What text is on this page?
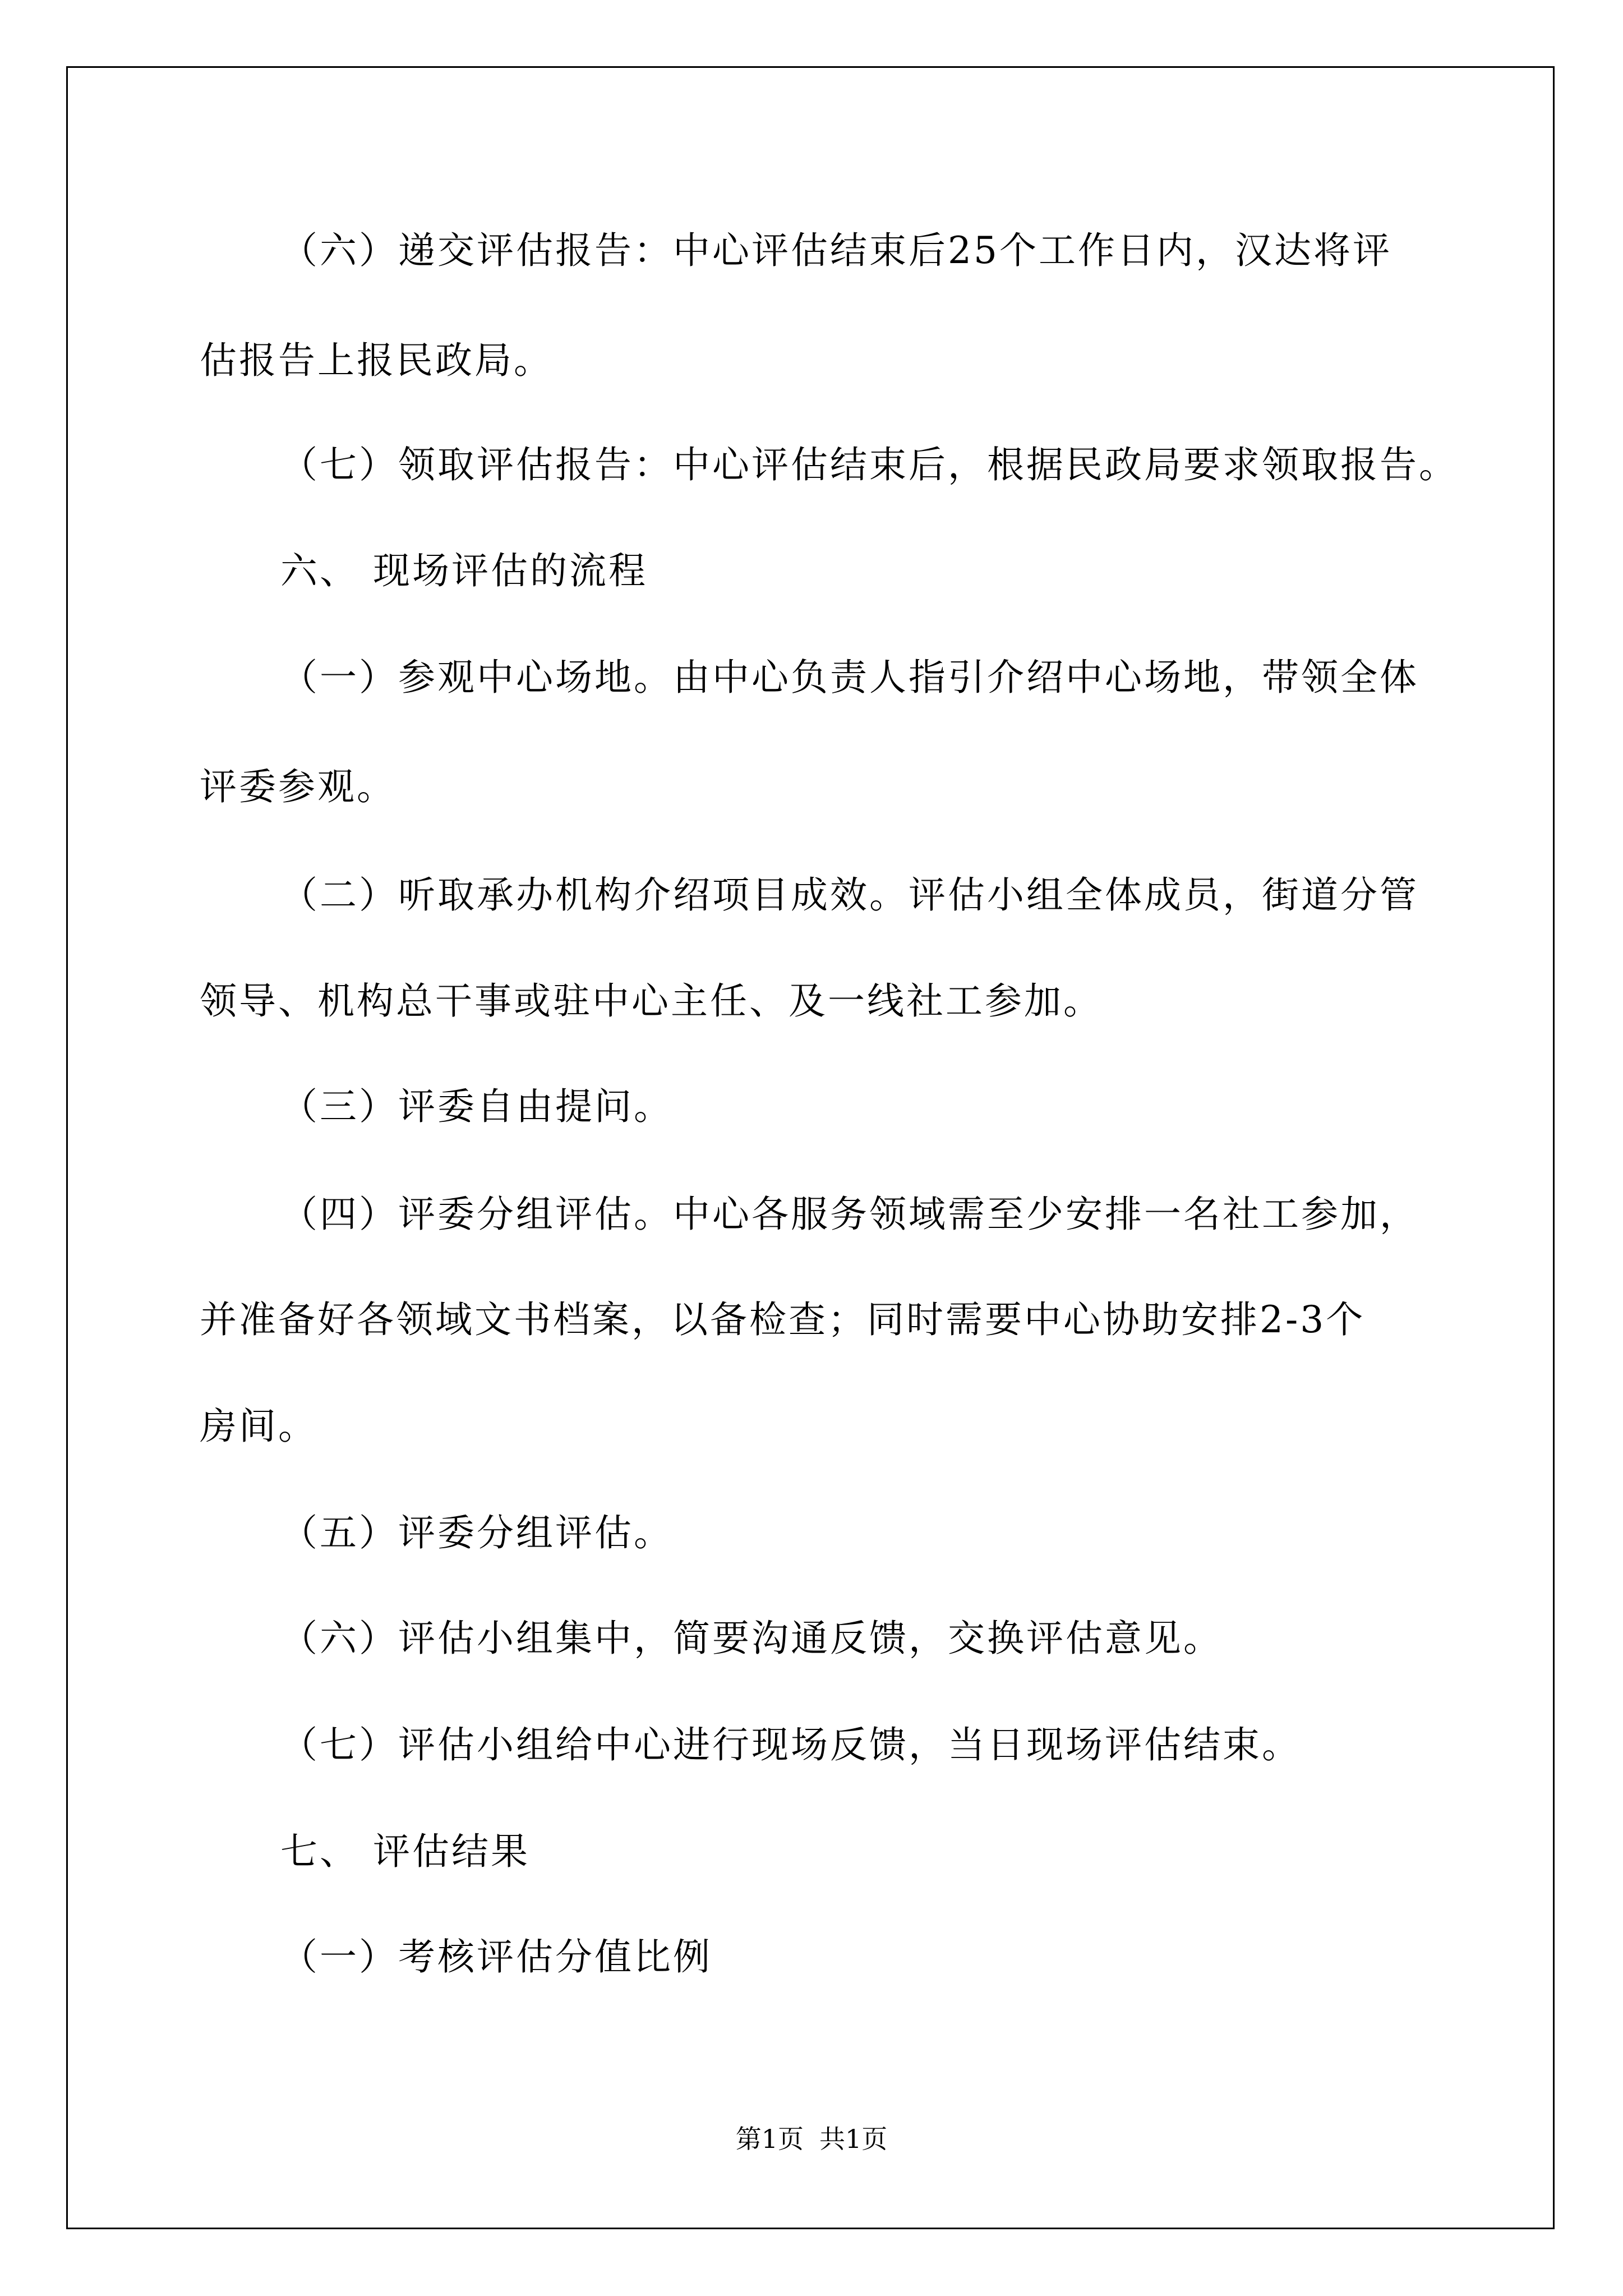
（六）递交评估报告：中心评估结束后25个工作日内，汉达将评
估报告上报民政局。
（七）领取评估报告：中心评估结束后，根据民政局要求领取报告。
六、 现场评估的流程
（一）参观中心场地。由中心负责人指引介绍中心场地，带领全体
评委参观。
（二）听取承办机构介绍项目成效。评估小组全体成员，街道分管
领导、机构总干事或驻中心主任、及一线社工参加。
（三）评委自由提问。
（四）评委分组评估。中心各服务领域需至少安排一名社工参加，
并准备好各领域文书档案，以备检查；同时需要中心协助安排2-3个
房间。
（五）评委分组评估。
（六）评估小组集中，简要沟通反馈，交换评估意见。
（七）评估小组给中心进行现场反馈，当日现场评估结束。
七、 评估结果
（一）考核评估分值比例
第1页 共1页
